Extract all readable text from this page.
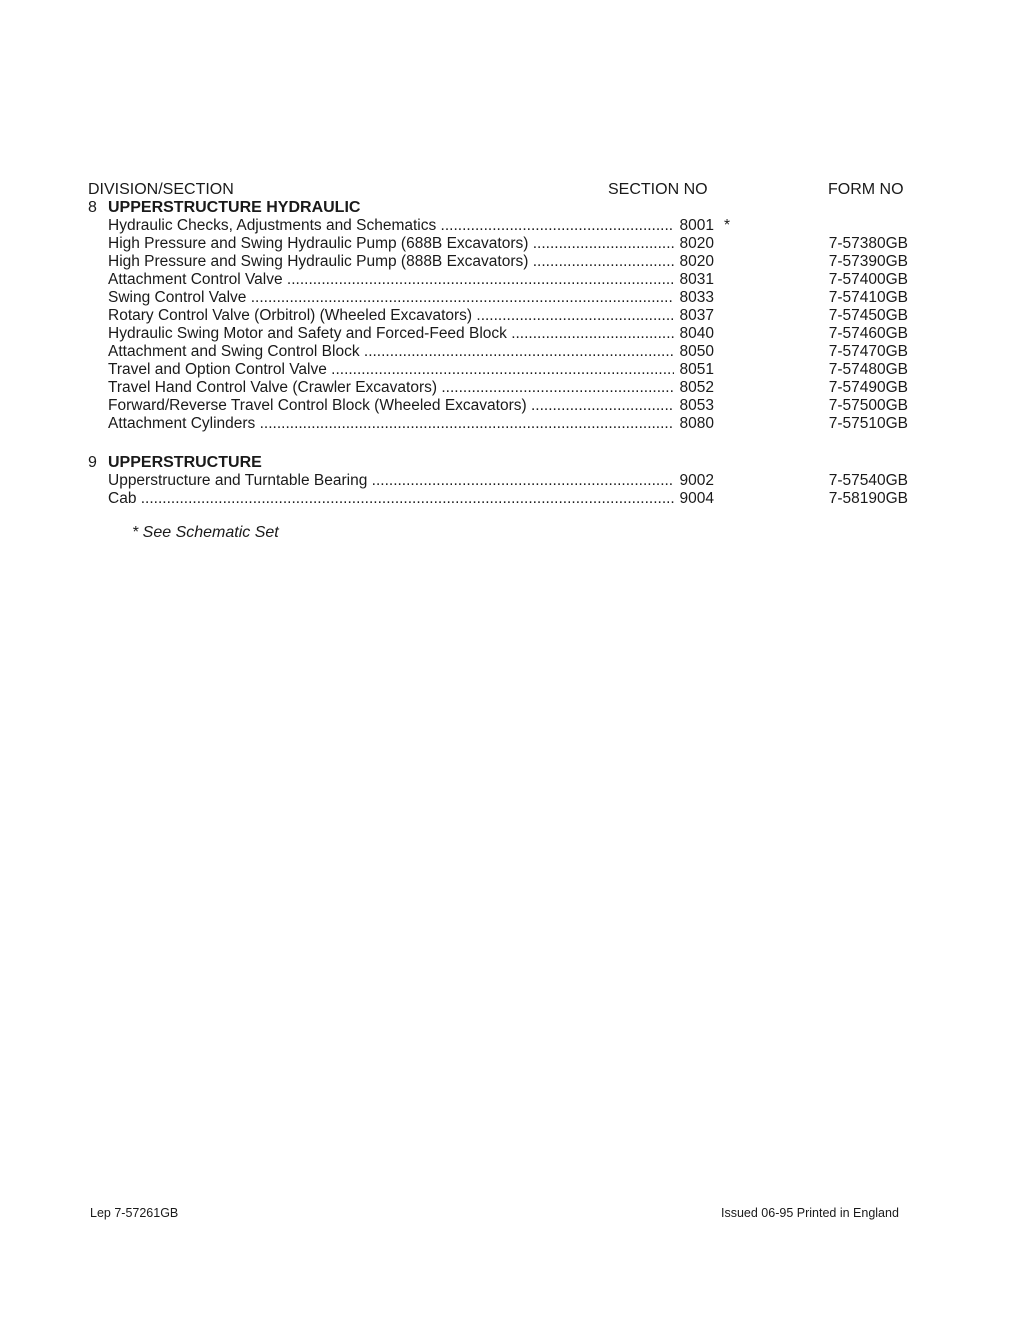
DIVISION/SECTION	SECTION NO	FORM NO
8 UPPERSTRUCTURE HYDRAULIC
Hydraulic Checks, Adjustments and Schematics .....	8001 *
High Pressure and Swing Hydraulic Pump (688B Excavators) .....	8020	7-57380GB
High Pressure and Swing Hydraulic Pump (888B Excavators) .....	8020	7-57390GB
Attachment Control Valve .....	8031	7-57400GB
Swing Control Valve .....	8033	7-57410GB
Rotary Control Valve (Orbitrol) (Wheeled Excavators) .....	8037	7-57450GB
Hydraulic Swing Motor and Safety and Forced-Feed Block .....	8040	7-57460GB
Attachment and Swing Control Block .....	8050	7-57470GB
Travel and Option Control Valve .....	8051	7-57480GB
Travel Hand Control Valve (Crawler Excavators) .....	8052	7-57490GB
Forward/Reverse Travel Control Block (Wheeled Excavators) .....	8053	7-57500GB
Attachment Cylinders .....	8080	7-57510GB
9 UPPERSTRUCTURE
Upperstructure and Turntable Bearing .....	9002	7-57540GB
Cab .....	9004	7-58190GB
* See Schematic Set
Lep 7-57261GB	Issued 06-95 Printed in England
